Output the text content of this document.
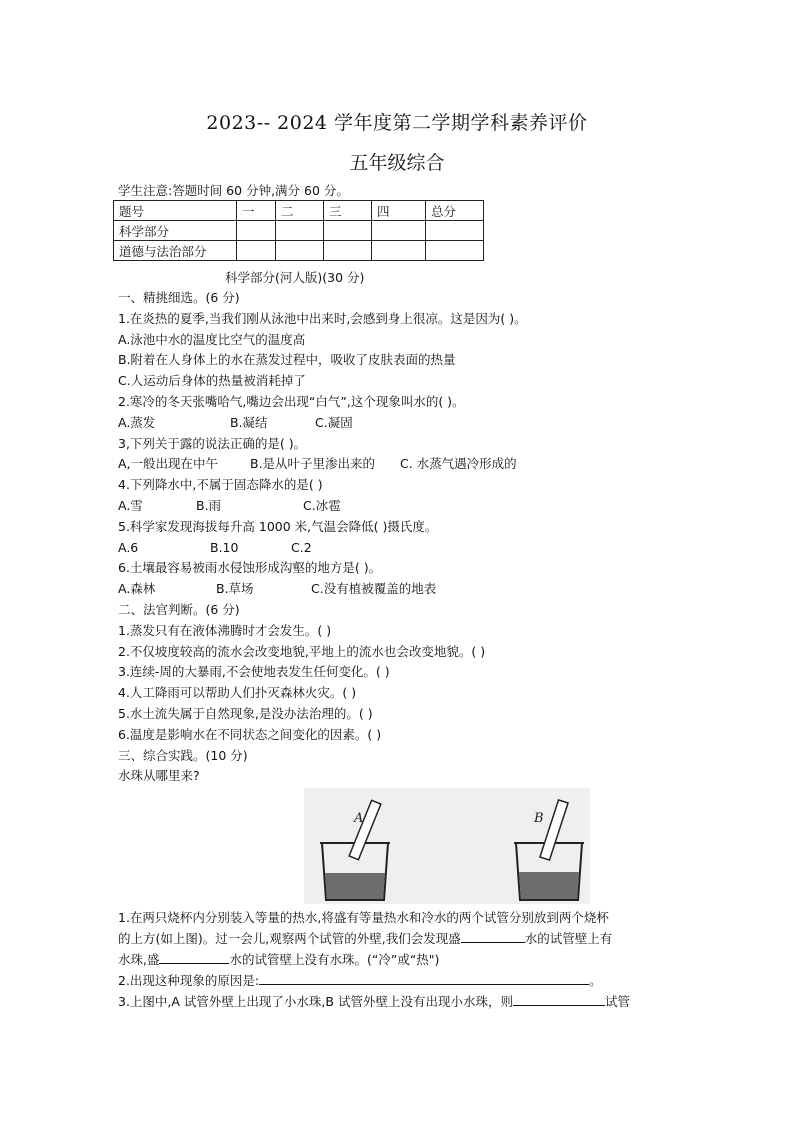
2023-- 2024 学年度第二学期学科素养评价
五年级综合
学生注意:答题时间 60 分钟,满分 60 分。
题号	一	二	三	四	总分
科学部分					
道德与法治部分					
科学部分(河人版)(30 分)
一、精挑细选。(6 分)
1.在炎热的夏季,当我们刚从泳池中出来时,会感到身上很凉。这是因为( )。
A.泳池中水的温度比空气的温度高
B.附着在人身体上的水在蒸发过程中，吸收了皮肤表面的热量
C.人运动后身体的热量被消耗掉了
2.寒冷的冬天张嘴哈气,嘴边会出现“白气”,这个现象叫水的( )。
A.蒸发	B.凝结	C.凝固
3,下列关于露的说法正确的是( )。
A,一般出现在中午	B.是从叶子里渗出来的 C. 水蒸气遇冷形成的
4.下列降水中,不属于固态降水的是( )
A.雪	B.雨	C.冰雹
5.科学家发现海拔每升高 1000 米,气温会降低( )摄氏度。
A.6	B.10	C.2
6.土壤最容易被雨水侵蚀形成沟壑的地方是( )。
A.森林	B.草场	C.没有植被覆盖的地表
二、法官判断。(6 分)
1.蒸发只有在液体沸腾时才会发生。( )
2.不仅坡度较高的流水会改变地貌,平地上的流水也会改变地貌。( )
3.连续-周的大暴雨,不会使地表发生任何变化。( )
4.人工降雨可以帮助人们扑灭森林火灾。( )
5.水土流失属于自然现象,是没办法治理的。( )
6.温度是影响水在不同状态之间变化的因素。( )
三、综合实践。(10 分)
水珠从哪里来?
A	B
1.在两只烧杯内分别装入等量的热水,将盛有等量热水和冷水的两个试管分别放到两个烧杯
的上方(如上图)。过一会儿,观察两个试管的外壁,我们会发现盛	水的试管壁上有
水珠,盛	水的试管壁上没有水珠。(“冷”或“热")
2.出现这种现象的原因是:	。
3.上图中,A 试管外壁上出现了小水珠,B 试管外壁上没有出现小水珠，则	试管
